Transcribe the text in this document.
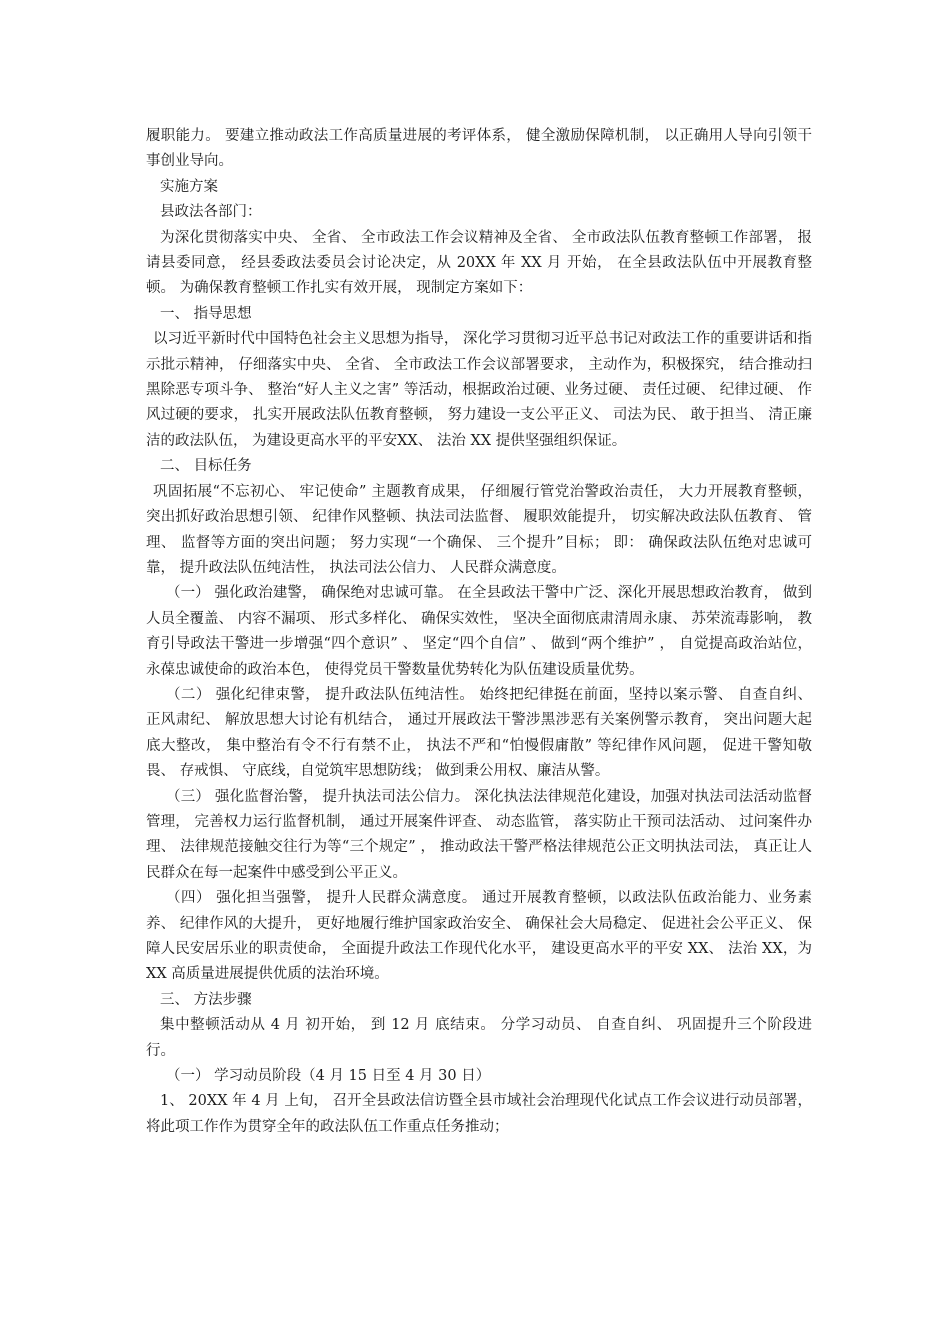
履职能力。 要建立推动政法工作高质量进展的考评体系， 健全激励保障机制， 以正确用人导向引领干事创业导向。

实施方案

县政法各部门：

为深化贯彻落实中央、 全省、 全市政法工作会议精神及全省、 全市政法队伍教育整顿工作部署， 报请县委同意， 经县委政法委员会讨论决定，从 20XX 年 XX 月 开始， 在全县政法队伍中开展教育整顿。 为确保教育整顿工作扎实有效开展， 现制定方案如下：

一、 指导思想

以习近平新时代中国特色社会主义思想为指导， 深化学习贯彻习近平总书记对政法工作的重要讲话和指示批示精神， 仔细落实中央、 全省、 全市政法工作会议部署要求， 主动作为，积极探究， 结合推动扫黑除恶专项斗争、 整治“好人主义之害” 等活动，根据政治过硬、业务过硬、 责任过硬、 纪律过硬、 作风过硬的要求， 扎实开展政法队伍教育整顿， 努力建设一支公平正义、 司法为民、 敢于担当、 清正廉洁的政法队伍， 为建设更高水平的平安XX、 法治 XX 提供坚强组织保证。

二、 目标任务

巩固拓展“不忘初心、 牢记使命” 主题教育成果， 仔细履行管党治警政治责任， 大力开展教育整顿， 突出抓好政治思想引领、 纪律作风整顿、执法司法监督、 履职效能提升， 切实解决政法队伍教育、 管理、 监督等方面的突出问题； 努力实现“一个确保、 三个提升”目标； 即： 确保政法队伍绝对忠诚可靠， 提升政法队伍纯洁性， 执法司法公信力、 人民群众满意度。

（一） 强化政治建警， 确保绝对忠诚可靠。 在全县政法干警中广泛、深化开展思想政治教育， 做到人员全覆盖、 内容不漏项、 形式多样化、 确保实效性， 坚决全面彻底肃清周永康、 苏荣流毒影响， 教育引导政法干警进一步增强“四个意识” 、 坚定“四个自信” 、 做到“两个维护” ， 自觉提高政治站位， 永葆忠诚使命的政治本色， 使得党员干警数量优势转化为队伍建设质量优势。

（二） 强化纪律束警， 提升政法队伍纯洁性。 始终把纪律挺在前面，坚持以案示警、 自查自纠、 正风肃纪、 解放思想大讨论有机结合， 通过开展政法干警涉黑涉恶有关案例警示教育， 突出问题大起底大整改， 集中整治有令不行有禁不止， 执法不严和“怕慢假庸散” 等纪律作风问题， 促进干警知敬畏、 存戒惧、 守底线，自觉筑牢思想防线； 做到秉公用权、廉洁从警。

（三） 强化监督治警， 提升执法司法公信力。 深化执法法律规范化建设，加强对执法司法活动监督管理， 完善权力运行监督机制， 通过开展案件评查、 动态监管， 落实防止干预司法活动、 过问案件办理、 法律规范接触交往行为等“三个规定” ， 推动政法干警严格法律规范公正文明执法司法， 真正让人民群众在每一起案件中感受到公平正义。

（四） 强化担当强警， 提升人民群众满意度。 通过开展教育整顿，以政法队伍政治能力、业务素养、 纪律作风的大提升， 更好地履行维护国家政治安全、 确保社会大局稳定、 促进社会公平正义、 保障人民安居乐业的职责使命， 全面提升政法工作现代化水平， 建设更高水平的平安 XX、 法治 XX，为 XX 高质量进展提供优质的法治环境。

三、 方法步骤

集中整顿活动从 4 月 初开始， 到 12 月 底结束。 分学习动员、 自查自纠、 巩固提升三个阶段进行。

（一） 学习动员阶段（4 月 15 日至 4 月 30 日）

1、 20XX 年 4 月 上旬， 召开全县政法信访暨全县市域社会治理现代化试点工作会议进行动员部署， 将此项工作作为贯穿全年的政法队伍工作重点任务推动；
